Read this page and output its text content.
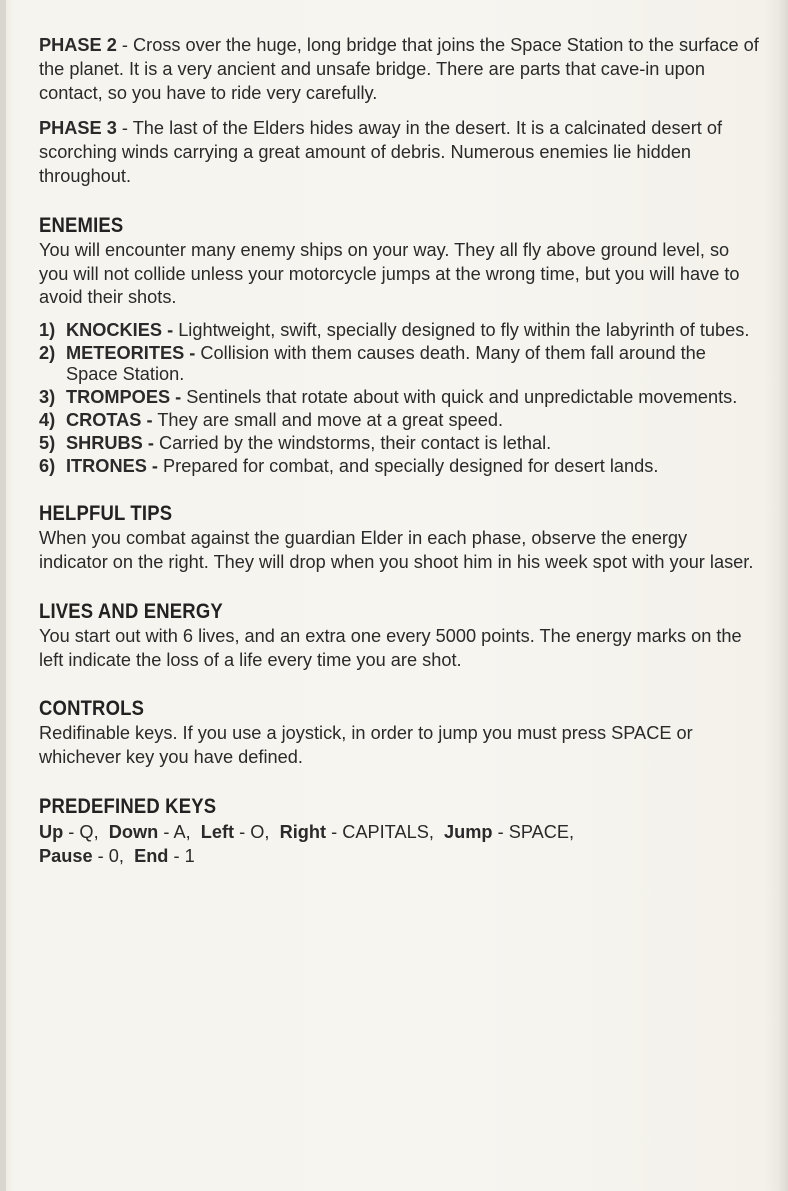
PHASE 2 - Cross over the huge, long bridge that joins the Space Station to the surface of the planet. It is a very ancient and unsafe bridge. There are parts that cave-in upon contact, so you have to ride very carefully.

PHASE 3 - The last of the Elders hides away in the desert. It is a calcinated desert of scorching winds carrying a great amount of debris. Numerous enemies lie hidden throughout.

ENEMIES

You will encounter many enemy ships on your way. They all fly above ground level, so you will not collide unless your motorcycle jumps at the wrong time, but you will have to avoid their shots.

1) KNOCKIES - Lightweight, swift, specially designed to fly within the labyrinth of tubes.
2) METEORITES - Collision with them causes death. Many of them fall around the Space Station.
3) TROMPOES - Sentinels that rotate about with quick and unpredictable movements.
4) CROTAS - They are small and move at a great speed.
5) SHRUBS - Carried by the windstorms, their contact is lethal.
6) ITRONES - Prepared for combat, and specially designed for desert lands.
HELPFUL TIPS

When you combat against the guardian Elder in each phase, observe the energy indicator on the right. They will drop when you shoot him in his week spot with your laser.

LIVES AND ENERGY

You start out with 6 lives, and an extra one every 5000 points. The energy marks on the left indicate the loss of a life every time you are shot.

CONTROLS

Redifinable keys. If you use a joystick, in order to jump you must press SPACE or whichever key you have defined.

PREDEFINED KEYS

Up - Q,  Down - A,  Left - O,  Right - CAPITALS,  Jump - SPACE,
Pause - 0,  End - 1
